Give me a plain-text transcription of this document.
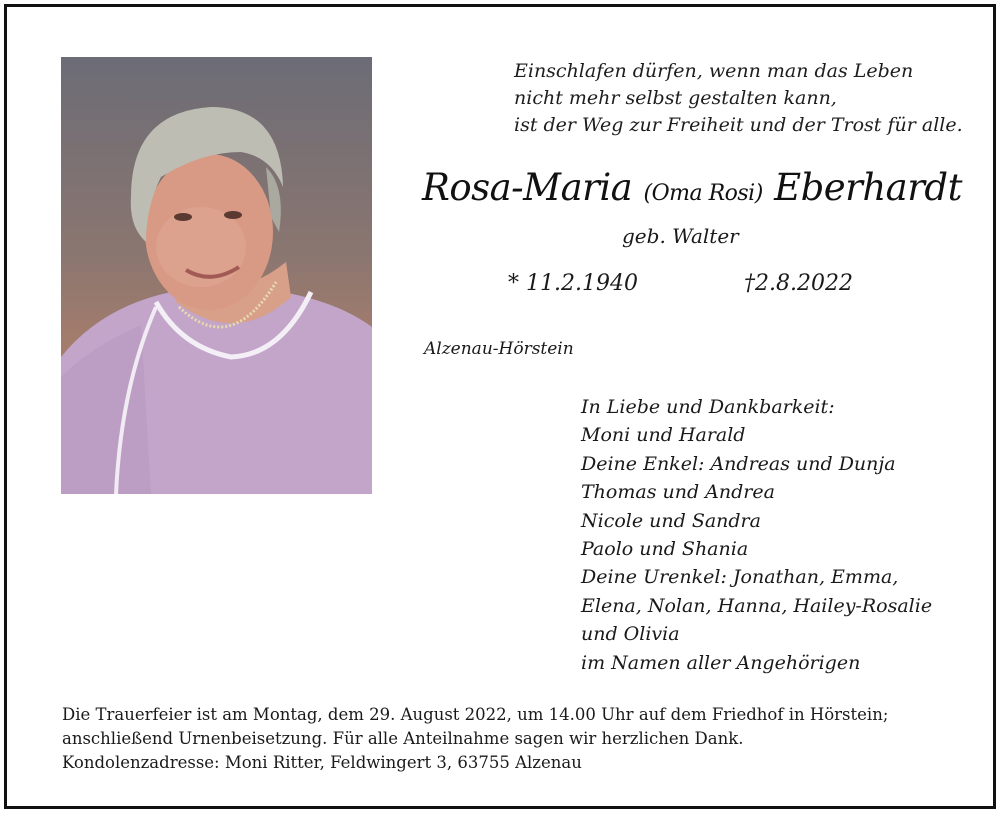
Einschlafen dürfen, wenn man das Leben
nicht mehr selbst gestalten kann,
ist der Weg zur Freiheit und der Trost für alle.
Rosa-Maria (Oma Rosi) Eberhardt
geb. Walter
* 11.2.1940	†2.8.2022
Alzenau-Hörstein
In Liebe und Dankbarkeit:
Moni und Harald
Deine Enkel: Andreas und Dunja
Thomas und Andrea
Nicole und Sandra
Paolo und Shania
Deine Urenkel: Jonathan, Emma,
Elena, Nolan, Hanna, Hailey-Rosalie
und Olivia
im Namen aller Angehörigen
Die Trauerfeier ist am Montag, dem 29. August 2022, um 14.00 Uhr auf dem Friedhof in Hörstein;
anschließend Urnenbeisetzung. Für alle Anteilnahme sagen wir herzlichen Dank.
Kondolenzadresse: Moni Ritter, Feldwingert 3, 63755 Alzenau
